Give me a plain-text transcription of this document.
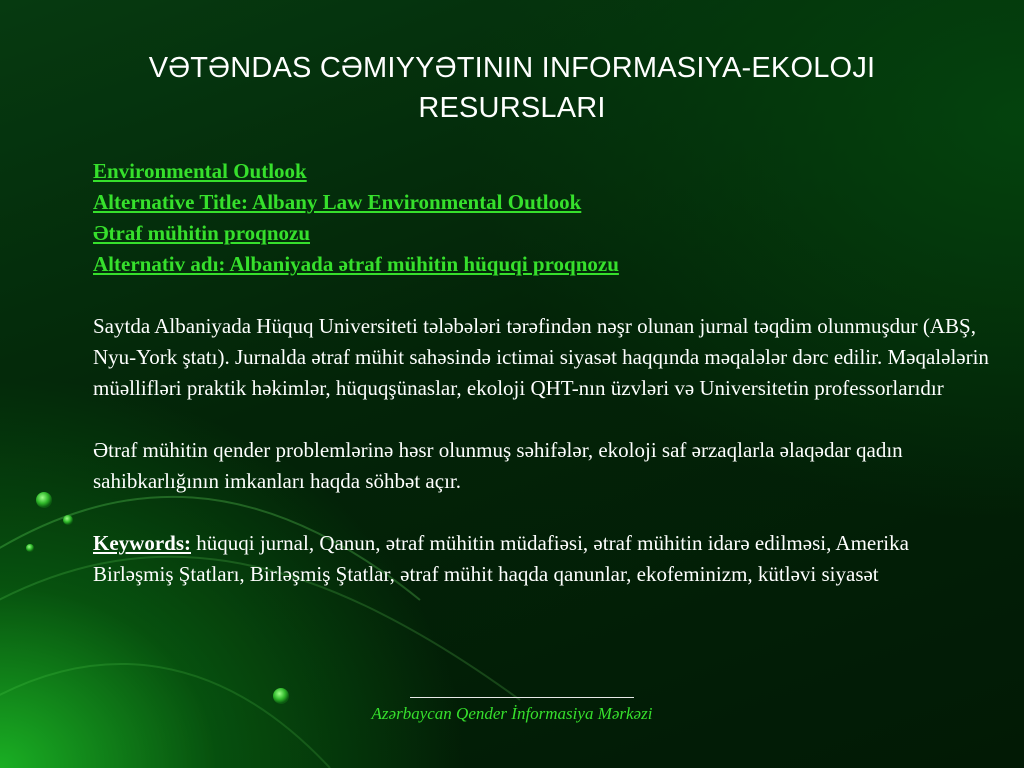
VƏTƏNDAS CƏMIYYƏTININ INFORMASIYA-EKOLOJI RESURSLARI
Environmental Outlook
Alternative Title: Albany Law Environmental Outlook
Ətraf mühitin proqnozu
Alternativ adı: Albaniyada ətraf mühitin hüquqi proqnozu

Saytda Albaniyada Hüquq Universiteti tələbələri tərəfindən nəşr olunan jurnal təqdim olunmuşdur (ABŞ, Nyu-York ştatı). Jurnalda ətraf mühit sahəsində ictimai siyasət haqqında məqalələr dərc edilir. Məqalələrin müəllifləri praktik həkimlər, hüquqşünaslar, ekoloji QHT-nın üzvləri və Universitetin professorlarıdır

Ətraf mühitin qender problemlərinə həsr olunmuş səhifələr, ekoloji saf ərzaqlarla əlaqədar qadın sahibkarlığının imkanları haqda söhbət açır.

Keywords: hüquqi jurnal, Qanun, ətraf mühitin müdafiəsi, ətraf mühitin idarə edilməsi, Amerika Birləşmiş Ştatları, Birləşmiş Ştatlar, ətraf mühit haqda qanunlar, ekofeminizm, kütləvi siyasət

Azərbaycan Qender İnformasiya Mərkəzi
